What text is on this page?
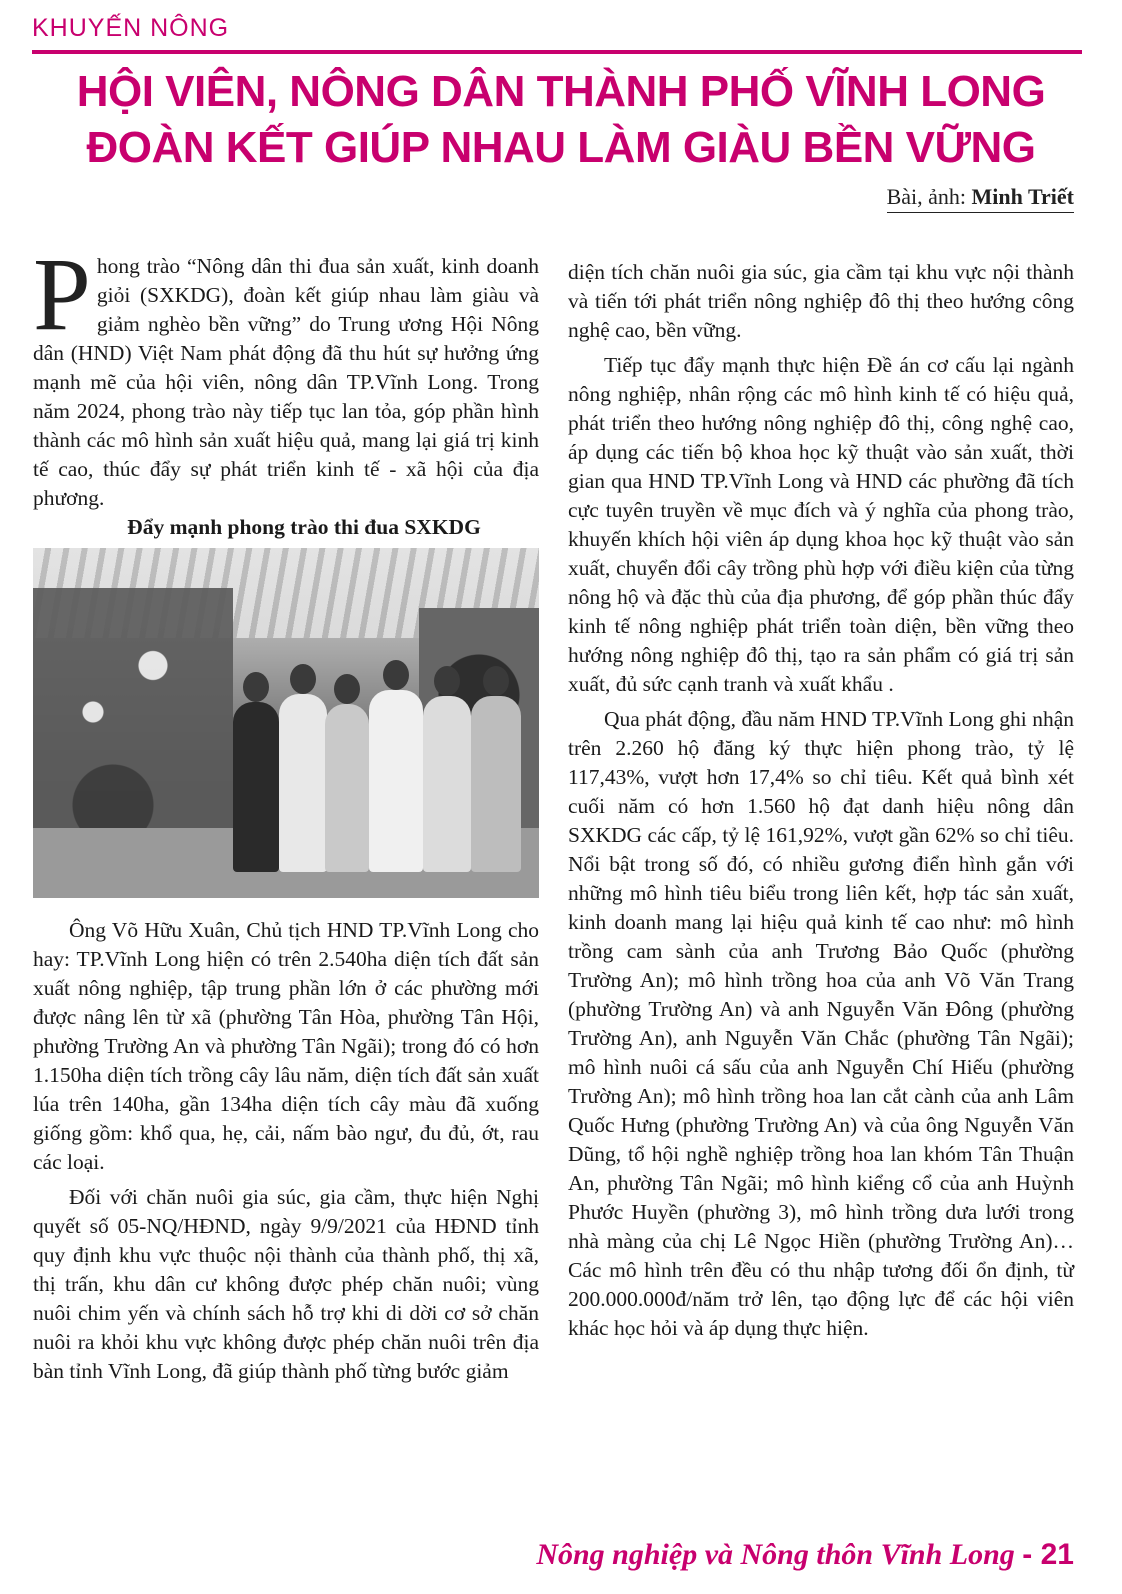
KHUYẾN NÔNG
HỘI VIÊN, NÔNG DÂN THÀNH PHỐ VĨNH LONG
ĐOÀN KẾT GIÚP NHAU LÀM GIÀU BỀN VỮNG
Bài, ảnh: Minh Triết

Phong trào “Nông dân thi đua sản xuất, kinh doanh giỏi (SXKDG), đoàn kết giúp nhau làm giàu và giảm nghèo bền vững” do Trung ương Hội Nông dân (HND) Việt Nam phát động đã thu hút sự hưởng ứng mạnh mẽ của hội viên, nông dân TP.Vĩnh Long. Trong năm 2024, phong trào này tiếp tục lan tỏa, góp phần hình thành các mô hình sản xuất hiệu quả, mang lại giá trị kinh tế cao, thúc đẩy sự phát triển kinh tế - xã hội của địa phương.

Đẩy mạnh phong trào thi đua SXKDG

Ông Võ Hữu Xuân, Chủ tịch HND TP.Vĩnh Long cho hay: TP.Vĩnh Long hiện có trên 2.540ha diện tích đất sản xuất nông nghiệp, tập trung phần lớn ở các phường mới được nâng lên từ xã (phường Tân Hòa, phường Tân Hội, phường Trường An và phường Tân Ngãi); trong đó có hơn 1.150ha diện tích trồng cây lâu năm, diện tích đất sản xuất lúa trên 140ha, gần 134ha diện tích cây màu đã xuống giống gồm: khổ qua, hẹ, cải, nấm bào ngư, đu đủ, ớt, rau các loại.

Đối với chăn nuôi gia súc, gia cầm, thực hiện Nghị quyết số 05-NQ/HĐND, ngày 9/9/2021 của HĐND tỉnh quy định khu vực thuộc nội thành của thành phố, thị xã, thị trấn, khu dân cư không được phép chăn nuôi; vùng nuôi chim yến và chính sách hỗ trợ khi di dời cơ sở chăn nuôi ra khỏi khu vực không được phép chăn nuôi trên địa bàn tỉnh Vĩnh Long, đã giúp thành phố từng bước giảm

diện tích chăn nuôi gia súc, gia cầm tại khu vực nội thành và tiến tới phát triển nông nghiệp đô thị theo hướng công nghệ cao, bền vững.

Tiếp tục đẩy mạnh thực hiện Đề án cơ cấu lại ngành nông nghiệp, nhân rộng các mô hình kinh tế có hiệu quả, phát triển theo hướng nông nghiệp đô thị, công nghệ cao, áp dụng các tiến bộ khoa học kỹ thuật vào sản xuất, thời gian qua HND TP.Vĩnh Long và HND các phường đã tích cực tuyên truyền về mục đích và ý nghĩa của phong trào, khuyến khích hội viên áp dụng khoa học kỹ thuật vào sản xuất, chuyển đổi cây trồng phù hợp với điều kiện của từng nông hộ và đặc thù của địa phương, để góp phần thúc đẩy kinh tế nông nghiệp phát triển toàn diện, bền vững theo hướng nông nghiệp đô thị, tạo ra sản phẩm có giá trị sản xuất, đủ sức cạnh tranh và xuất khẩu .

Qua phát động, đầu năm HND TP.Vĩnh Long ghi nhận trên 2.260 hộ đăng ký thực hiện phong trào, tỷ lệ 117,43%, vượt hơn 17,4% so chỉ tiêu. Kết quả bình xét cuối năm có hơn 1.560 hộ đạt danh hiệu nông dân SXKDG các cấp, tỷ lệ 161,92%, vượt gần 62% so chỉ tiêu. Nổi bật trong số đó, có nhiều gương điển hình gắn với những mô hình tiêu biểu trong liên kết, hợp tác sản xuất, kinh doanh mang lại hiệu quả kinh tế cao như: mô hình trồng cam sành của anh Trương Bảo Quốc (phường Trường An); mô hình trồng hoa của anh Võ Văn Trang (phường Trường An) và anh Nguyễn Văn Đông (phường Trường An), anh Nguyễn Văn Chắc (phường Tân Ngãi); mô hình nuôi cá sấu của anh Nguyễn Chí Hiếu (phường Trường An); mô hình trồng hoa lan cắt cành của anh Lâm Quốc Hưng (phường Trường An) và của ông Nguyễn Văn Dũng, tổ hội nghề nghiệp trồng hoa lan khóm Tân Thuận An, phường Tân Ngãi; mô hình kiểng cổ của anh Huỳnh Phước Huyền (phường 3), mô hình trồng dưa lưới trong nhà màng của chị Lê Ngọc Hiền (phường Trường An)…Các mô hình trên đều có thu nhập tương đối ổn định, từ 200.000.000đ/năm trở lên, tạo động lực để các hội viên khác học hỏi và áp dụng thực hiện.

Nông nghiệp và Nông thôn Vĩnh Long - 21
